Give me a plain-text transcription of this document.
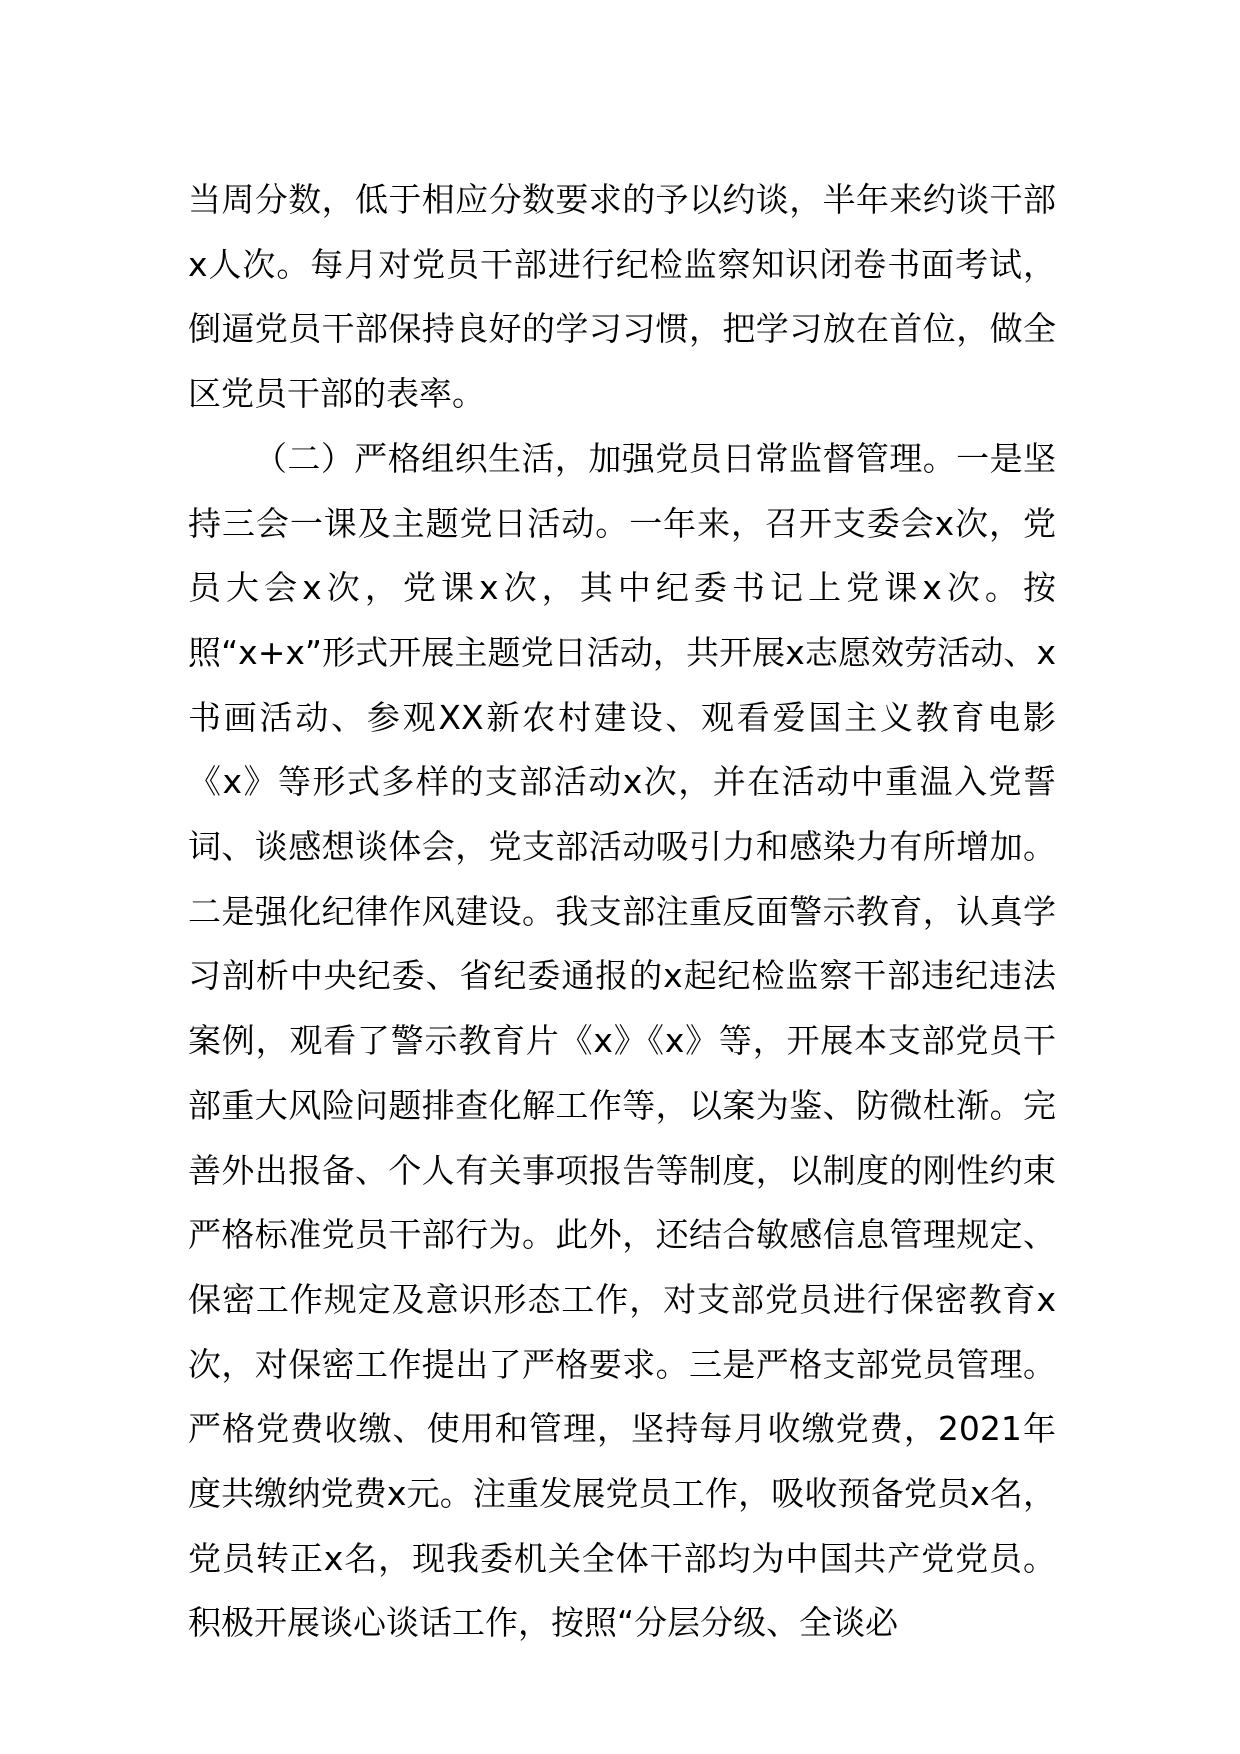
当周分数，低于相应分数要求的予以约谈，半年来约谈干部x人次。每月对党员干部进行纪检监察知识闭卷书面考试，倒逼党员干部保持良好的学习习惯，把学习放在首位，做全区党员干部的表率。

（二）严格组织生活，加强党员日常监督管理。一是坚持三会一课及主题党日活动。一年来，召开支委会x次，党员大会x次，党课x次，其中纪委书记上党课x次。按照“x+x”形式开展主题党日活动，共开展x志愿效劳活动、x书画活动、参观XX新农村建设、观看爱国主义教育电影《x》等形式多样的支部活动x次，并在活动中重温入党誓词、谈感想谈体会，党支部活动吸引力和感染力有所增加。二是强化纪律作风建设。我支部注重反面警示教育，认真学习剖析中央纪委、省纪委通报的x起纪检监察干部违纪违法案例，观看了警示教育片《x》《x》等，开展本支部党员干部重大风险问题排查化解工作等，以案为鉴、防微杜渐。完善外出报备、个人有关事项报告等制度，以制度的刚性约束严格标准党员干部行为。此外，还结合敏感信息管理规定、保密工作规定及意识形态工作，对支部党员进行保密教育x次，对保密工作提出了严格要求。三是严格支部党员管理。严格党费收缴、使用和管理，坚持每月收缴党费，2021年度共缴纳党费x元。注重发展党员工作，吸收预备党员x名，党员转正x名，现我委机关全体干部均为中国共产党党员。积极开展谈心谈话工作，按照“分层分级、全谈必
